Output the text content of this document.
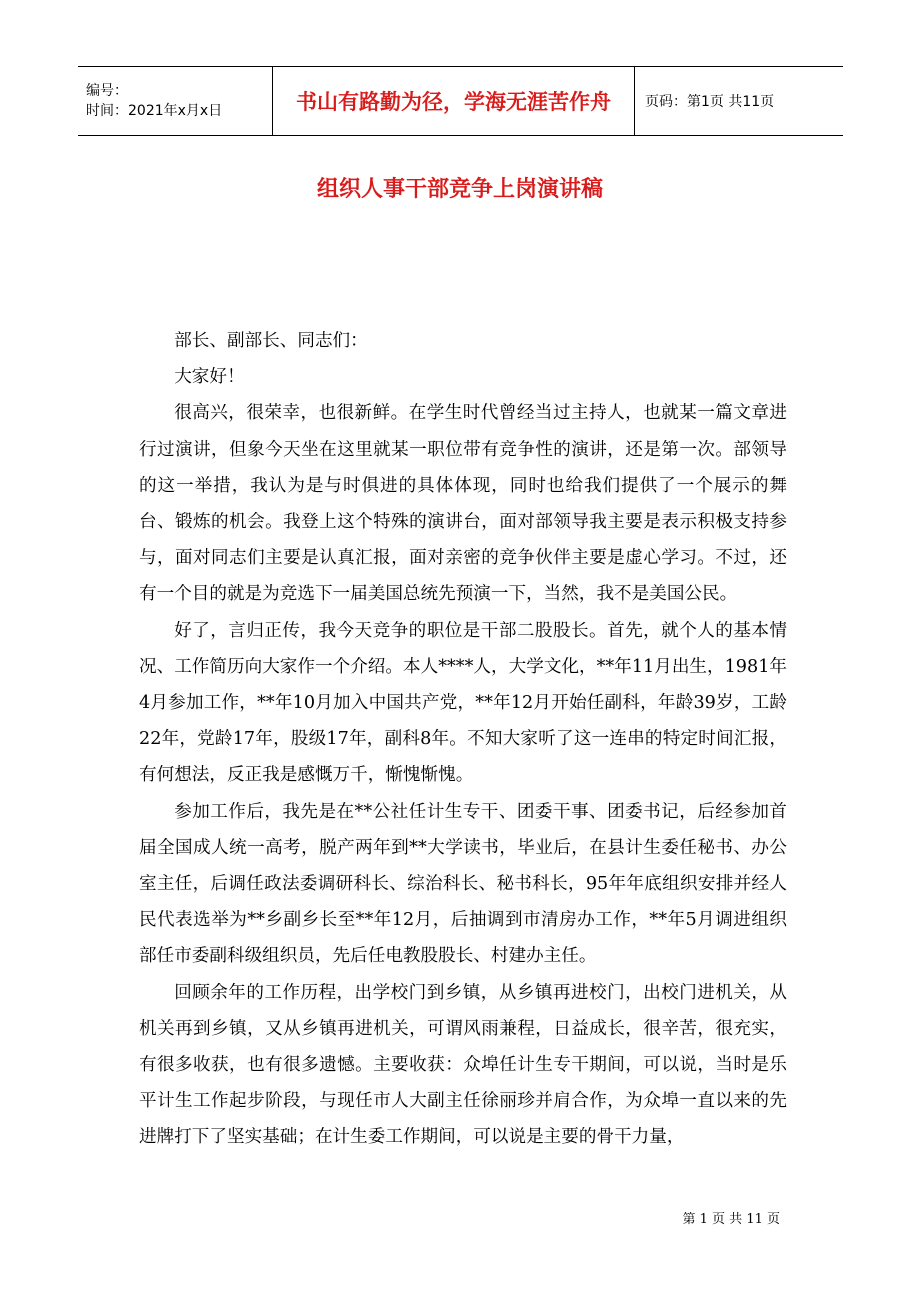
编号：
时间：2021年x月x日	书山有路勤为径，学海无涯苦作舟	页码：第1页 共11页
组织人事干部竞争上岗演讲稿

部长、副部长、同志们：

大家好！

很高兴，很荣幸，也很新鲜。在学生时代曾经当过主持人，也就某一篇文章进行过演讲，但象今天坐在这里就某一职位带有竞争性的演讲，还是第一次。部领导的这一举措，我认为是与时俱进的具体体现，同时也给我们提供了一个展示的舞台、锻炼的机会。我登上这个特殊的演讲台，面对部领导我主要是表示积极支持参与，面对同志们主要是认真汇报，面对亲密的竞争伙伴主要是虚心学习。不过，还有一个目的就是为竞选下一届美国总统先预演一下，当然，我不是美国公民。

好了，言归正传，我今天竞争的职位是干部二股股长。首先，就个人的基本情况、工作简历向大家作一个介绍。本人****人，大学文化，**年11月出生，1981年4月参加工作，**年10月加入中国共产党，**年12月开始任副科，年龄39岁，工龄22年，党龄17年，股级17年，副科8年。不知大家听了这一连串的特定时间汇报，有何想法，反正我是感慨万千，惭愧惭愧。

参加工作后，我先是在**公社任计生专干、团委干事、团委书记，后经参加首届全国成人统一高考，脱产两年到**大学读书，毕业后，在县计生委任秘书、办公室主任，后调任政法委调研科长、综治科长、秘书科长，95年年底组织安排并经人民代表选举为**乡副乡长至**年12月，后抽调到市清房办工作，**年5月调进组织部任市委副科级组织员，先后任电教股股长、村建办主任。

回顾余年的工作历程，出学校门到乡镇，从乡镇再进校门，出校门进机关，从机关再到乡镇，又从乡镇再进机关，可谓风雨兼程，日益成长，很辛苦，很充实，有很多收获，也有很多遗憾。主要收获：众埠任计生专干期间，可以说，当时是乐平计生工作起步阶段，与现任市人大副主任徐丽珍并肩合作，为众埠一直以来的先进牌打下了坚实基础；在计生委工作期间，可以说是主要的骨干力量，

第 1 页 共 11 页
